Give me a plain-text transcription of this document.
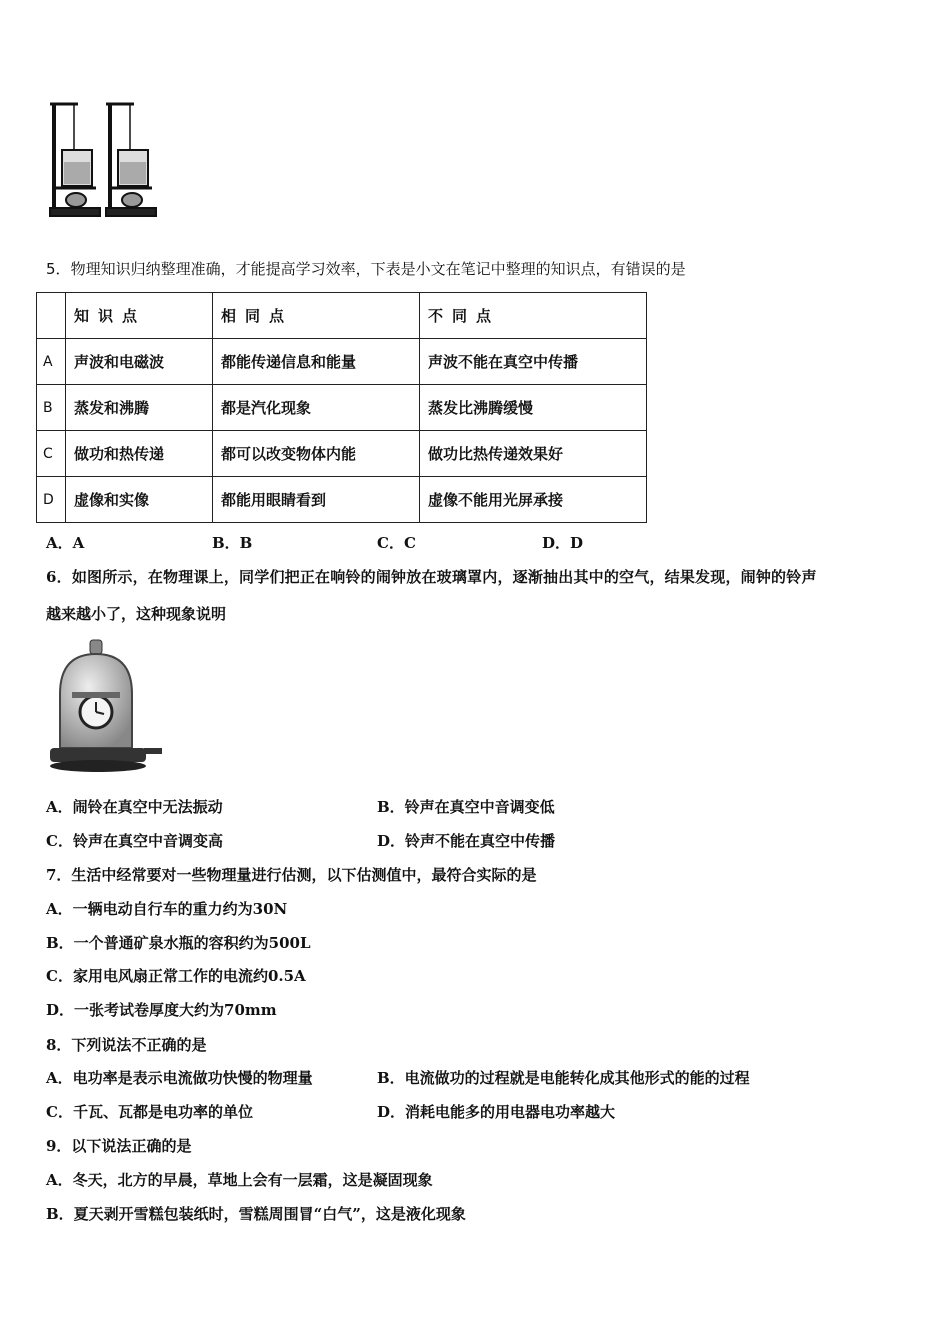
5．物理知识归纳整理准确，才能提高学习效率，下表是小文在笔记中整理的知识点，有错误的是
	知识点	相同点	不同点
A	声波和电磁波	都能传递信息和能量	声波不能在真空中传播
B	蒸发和沸腾	都是汽化现象	蒸发比沸腾缓慢
C	做功和热传递	都可以改变物体内能	做功比热传递效果好
D	虚像和实像	都能用眼睛看到	虚像不能用光屏承接
A．A	B．B	C．C	D．D
6．如图所示，在物理课上，同学们把正在响铃的闹钟放在玻璃罩内，逐渐抽出其中的空气，结果发现，闹钟的铃声
越来越小了，这种现象说明
A．闹铃在真空中无法振动	B．铃声在真空中音调变低
C．铃声在真空中音调变高	D．铃声不能在真空中传播
7．生活中经常要对一些物理量进行估测，以下估测值中，最符合实际的是
A．一辆电动自行车的重力约为30N
B．一个普通矿泉水瓶的容积约为500L
C．家用电风扇正常工作的电流约0.5A
D．一张考试卷厚度大约为70mm
8．下列说法不正确的是
A．电功率是表示电流做功快慢的物理量	B．电流做功的过程就是电能转化成其他形式的能的过程
C．千瓦、瓦都是电功率的单位	D．消耗电能多的用电器电功率越大
9．以下说法正确的是
A．冬天，北方的早晨，草地上会有一层霜，这是凝固现象
B．夏天剥开雪糕包装纸时，雪糕周围冒“白气”，这是液化现象
